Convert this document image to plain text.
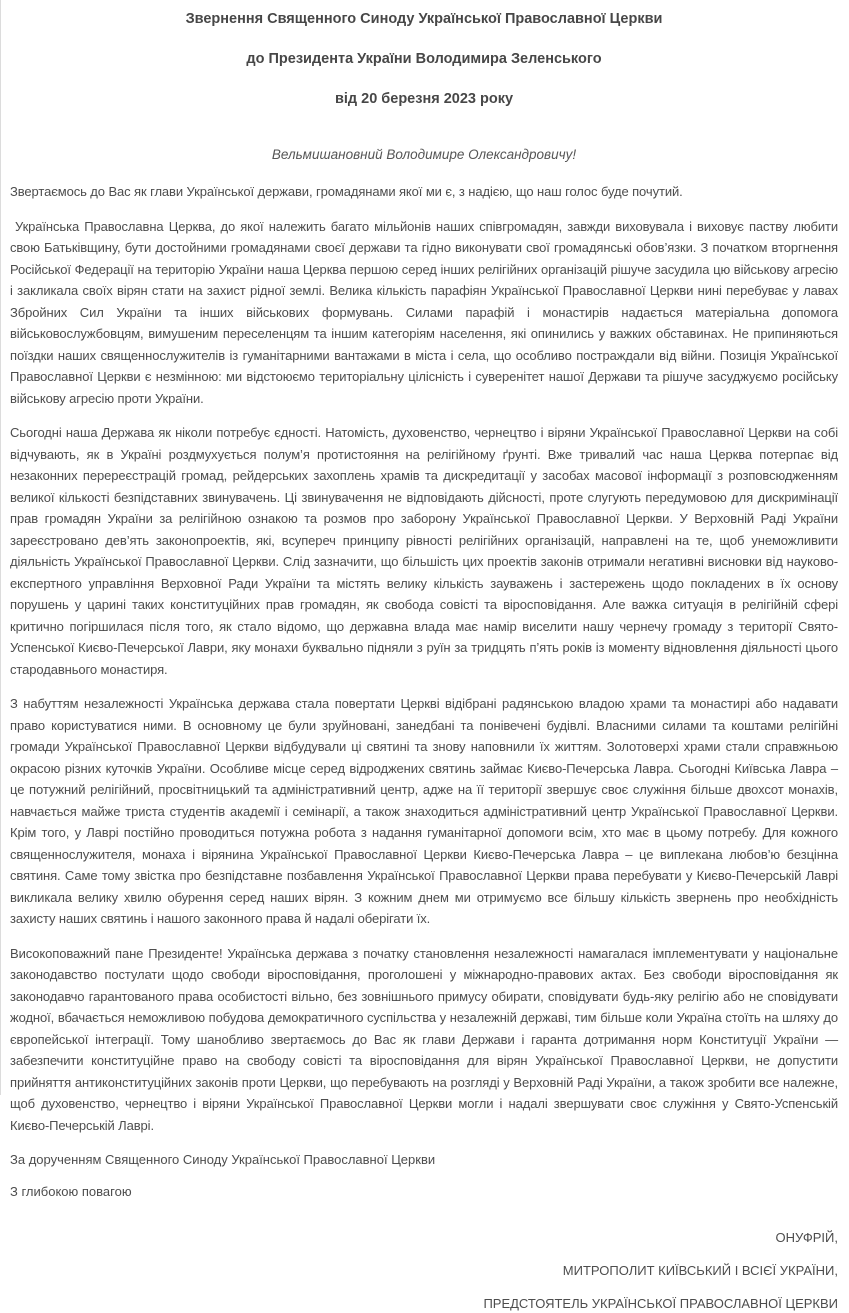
Звернення Священного Синоду Української Православної Церкви

до Президента України Володимира Зеленського

від 20 березня 2023 року

Вельмишановний Володимире Олександровичу!

Звертаємось до Вас як глави Української держави, громадянами якої ми є, з надією, що наш голос буде почутий.

Українська Православна Церква, до якої належить багато мільйонів наших співгромадян, завжди виховувала і виховує паству любити свою Батьківщину, бути достойними громадянами своєї держави та гідно виконувати свої громадянські обов’язки. З початком вторгнення Російської Федерації на територію України наша Церква першою серед інших релігійних організацій рішуче засудила цю військову агресію і закликала своїх вірян стати на захист рідної землі. Велика кількість парафіян Української Православної Церкви нині перебуває у лавах Збройних Сил України та інших військових формувань. Силами парафій і монастирів надається матеріальна допомога військовослужбовцям, вимушеним переселенцям та іншим категоріям населення, які опинились у важких обставинах. Не припиняються поїздки наших священнослужителів із гуманітарними вантажами в міста і села, що особливо постраждали від війни. Позиція Української Православної Церкви є незмінною: ми відстоюємо територіальну цілісність і суверенітет нашої Держави та рішуче засуджуємо російську військову агресію проти України.

Сьогодні наша Держава як ніколи потребує єдності. Натомість, духовенство, чернецтво і віряни Української Православної Церкви на собі відчувають, як в Україні роздмухується полум’я протистояння на релігійному ґрунті. Вже тривалий час наша Церква потерпає від незаконних перереєстрацій громад, рейдерських захоплень храмів та дискредитації у засобах масової інформації з розповсюдженням великої кількості безпідставних звинувачень. Ці звинувачення не відповідають дійсності, проте слугують передумовою для дискримінації прав громадян України за релігійною ознакою та розмов про заборону Української Православної Церкви. У Верховній Раді України зареєстровано дев’ять законопроектів, які, всупереч принципу рівності релігійних організацій, направлені на те, щоб унеможливити діяльність Української Православної Церкви. Слід зазначити, що більшість цих проектів законів отримали негативні висновки від науково-експертного управління Верховної Ради України та містять велику кількість зауважень і застережень щодо покладених в їх основу порушень у царині таких конституційних прав громадян, як свобода совісті та віросповідання. Але важка ситуація в релігійній сфері критично погіршилася після того, як стало відомо, що державна влада має намір виселити нашу чернечу громаду з території Свято-Успенської Києво-Печерської Лаври, яку монахи буквально підняли з руїн за тридцять п’ять років із моменту відновлення діяльності цього стародавнього монастиря.

З набуттям незалежності Українська держава стала повертати Церкві відібрані радянською владою храми та монастирі або надавати право користуватися ними. В основному це були зруйновані, занедбані та понівечені будівлі. Власними силами та коштами релігійні громади Української Православної Церкви відбудували ці святині та знову наповнили їх життям. Золотоверхі храми стали справжньою окрасою різних куточків України. Особливе місце серед відроджених святинь займає Києво-Печерська Лавра. Сьогодні Київська Лавра – це потужний релігійний, просвітницький та адміністративний центр, адже на її території звершує своє служіння більше двохсот монахів, навчається майже триста студентів академії і семінарії, а також знаходиться адміністративний центр Української Православної Церкви. Крім того, у Лаврі постійно проводиться потужна робота з надання гуманітарної допомоги всім, хто має в цьому потребу. Для кожного священнослужителя, монаха і вірянина Української Православної Церкви Києво-Печерська Лавра – це виплекана любов’ю безцінна святиня. Саме тому звістка про безпідставне позбавлення Української Православної Церкви права перебувати у Києво-Печерській Лаврі викликала велику хвилю обурення серед наших вірян. З кожним днем ми отримуємо все більшу кількість звернень про необхідність захисту наших святинь і нашого законного права й надалі оберігати їх.

Високоповажний пане Президенте! Українська держава з початку становлення незалежності намагалася імплементувати у національне законодавство постулати щодо свободи віросповідання, проголошені у міжнародно-правових актах. Без свободи віросповідання як законодавчо гарантованого права особистості вільно, без зовнішнього примусу обирати, сповідувати будь-яку релігію або не сповідувати жодної, вбачається неможливою побудова демократичного суспільства у незалежній державі, тим більше коли Україна стоїть на шляху до європейської інтеграції. Тому шанобливо звертаємось до Вас як глави Держави і гаранта дотримання норм Конституції України — забезпечити конституційне право на свободу совісті та віросповідання для вірян Української Православної Церкви, не допустити прийняття антиконституційних законів проти Церкви, що перебувають на розгляді у Верховній Раді України, а також зробити все належне, щоб духовенство, чернецтво і віряни Української Православної Церкви могли і надалі звершувати своє служіння у Свято-Успенській Києво-Печерській Лаврі.

За дорученням Священного Синоду Української Православної Церкви

З глибокою повагою

ОНУФРІЙ,

МИТРОПОЛИТ КИЇВСЬКИЙ І ВСІЄЇ УКРАЇНИ,

ПРЕДСТОЯТЕЛЬ УКРАЇНСЬКОЇ ПРАВОСЛАВНОЇ ЦЕРКВИ
